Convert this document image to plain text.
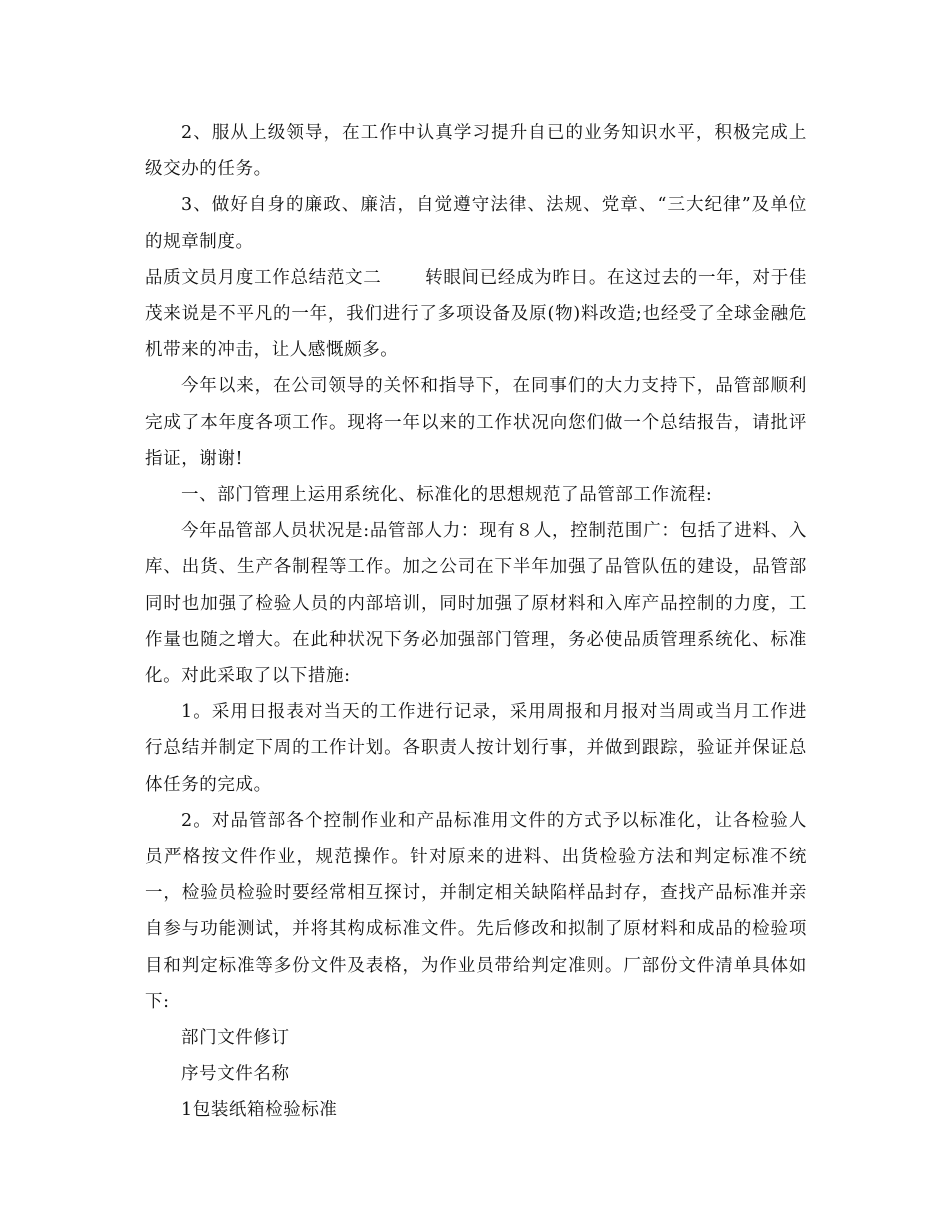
2、服从上级领导，在工作中认真学习提升自已的业务知识水平，积极完成上级交办的任务。

3、做好自身的廉政、廉洁，自觉遵守法律、法规、党章、“三大纪律”及单位的规章制度。

品质文员月度工作总结范文二	转眼间已经成为昨日。在这过去的一年，对于佳茂来说是不平凡的一年，我们进行了多项设备及原(物)料改造;也经受了全球金融危机带来的冲击，让人感慨颇多。

今年以来，在公司领导的关怀和指导下，在同事们的大力支持下，品管部顺利完成了本年度各项工作。现将一年以来的工作状况向您们做一个总结报告，请批评指证，谢谢!

一、部门管理上运用系统化、标准化的思想规范了品管部工作流程:

今年品管部人员状况是:品管部人力：现有８人，控制范围广：包括了进料、入库、出货、生产各制程等工作。加之公司在下半年加强了品管队伍的建设，品管部同时也加强了检验人员的内部培训，同时加强了原材料和入库产品控制的力度，工作量也随之增大。在此种状况下务必加强部门管理，务必使品质管理系统化、标准化。对此采取了以下措施:

1。采用日报表对当天的工作进行记录，采用周报和月报对当周或当月工作进行总结并制定下周的工作计划。各职责人按计划行事，并做到跟踪，验证并保证总体任务的完成。

2。对品管部各个控制作业和产品标准用文件的方式予以标准化，让各检验人员严格按文件作业，规范操作。针对原来的进料、出货检验方法和判定标准不统一，检验员检验时要经常相互探讨，并制定相关缺陷样品封存，查找产品标准并亲自参与功能测试，并将其构成标准文件。先后修改和拟制了原材料和成品的检验项目和判定标准等多份文件及表格，为作业员带给判定准则。厂部份文件清单具体如下:

部门文件修订

序号文件名称

1包装纸箱检验标准
